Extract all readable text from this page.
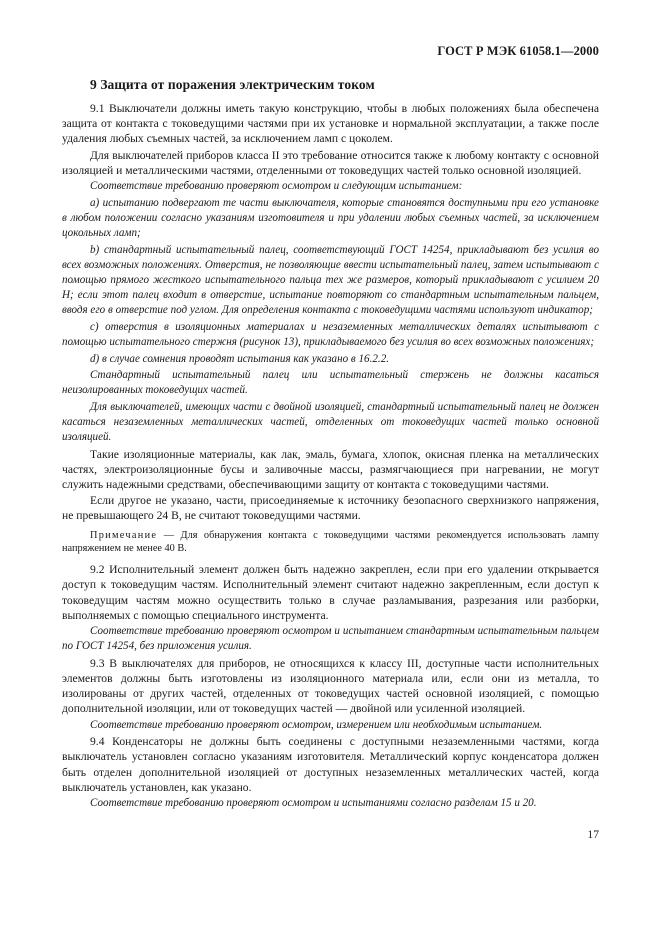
ГОСТ Р МЭК 61058.1—2000
9 Защита от поражения электрическим током

9.1 Выключатели должны иметь такую конструкцию, чтобы в любых положениях была обеспечена защита от контакта с токоведущими частями при их установке и нормальной эксплуатации, а также после удаления любых съемных частей, за исключением ламп с цоколем.

Для выключателей приборов класса II это требование относится также к любому контакту с основной изоляцией и металлическими частями, отделенными от токоведущих частей только основной изоляцией.

Соответствие требованию проверяют осмотром и следующим испытанием:

a) испытанию подвергают те части выключателя, которые становятся доступными при его установке в любом положении согласно указаниям изготовителя и при удалении любых съемных частей, за исключением цокольных ламп;

b) стандартный испытательный палец, соответствующий ГОСТ 14254, прикладывают без усилия во всех возможных положениях. Отверстия, не позволяющие ввести испытательный палец, затем испытывают с помощью прямого жесткого испытательного пальца тех же размеров, который прикладывают с усилием 20 Н; если этот палец входит в отверстие, испытание повторяют со стандартным испытательным пальцем, вводя его в отверстие под углом. Для определения контакта с токоведущими частями используют индикатор;

c) отверстия в изоляционных материалах и незаземленных металлических деталях испытывают с помощью испытательного стержня (рисунок 13), прикладываемого без усилия во всех возможных положениях;

d) в случае сомнения проводят испытания как указано в 16.2.2.

Стандартный испытательный палец или испытательный стержень не должны касаться неизолированных токоведущих частей.

Для выключателей, имеющих части с двойной изоляцией, стандартный испытательный палец не должен касаться незаземленных металлических частей, отделенных от токоведущих частей только основной изоляцией.

Такие изоляционные материалы, как лак, эмаль, бумага, хлопок, окисная пленка на металлических частях, электроизоляционные бусы и заливочные массы, размягчающиеся при нагревании, не могут служить надежными средствами, обеспечивающими защиту от контакта с токоведущими частями.

Если другое не указано, части, присоединяемые к источнику безопасного сверхнизкого напряжения, не превышающего 24 В, не считают токоведущими частями.

Примечание — Для обнаружения контакта с токоведущими частями рекомендуется использовать лампу напряжением не менее 40 В.

9.2 Исполнительный элемент должен быть надежно закреплен, если при его удалении открывается доступ к токоведущим частям. Исполнительный элемент считают надежно закрепленным, если доступ к токоведущим частям можно осуществить только в случае разламывания, разрезания или разборки, выполняемых с помощью специального инструмента.

Соответствие требованию проверяют осмотром и испытанием стандартным испытательным пальцем по ГОСТ 14254, без приложения усилия.

9.3 В выключателях для приборов, не относящихся к классу III, доступные части исполнительных элементов должны быть изготовлены из изоляционного материала или, если они из металла, то изолированы от других частей, отделенных от токоведущих частей основной изоляцией, с помощью дополнительной изоляции, или от токоведущих частей — двойной или усиленной изоляцией.

Соответствие требованию проверяют осмотром, измерением или необходимым испытанием.

9.4 Конденсаторы не должны быть соединены с доступными незаземленными частями, когда выключатель установлен согласно указаниям изготовителя. Металлический корпус конденсатора должен быть отделен дополнительной изоляцией от доступных незаземленных металлических частей, когда выключатель установлен, как указано.

Соответствие требованию проверяют осмотром и испытаниями согласно разделам 15 и 20.

17
